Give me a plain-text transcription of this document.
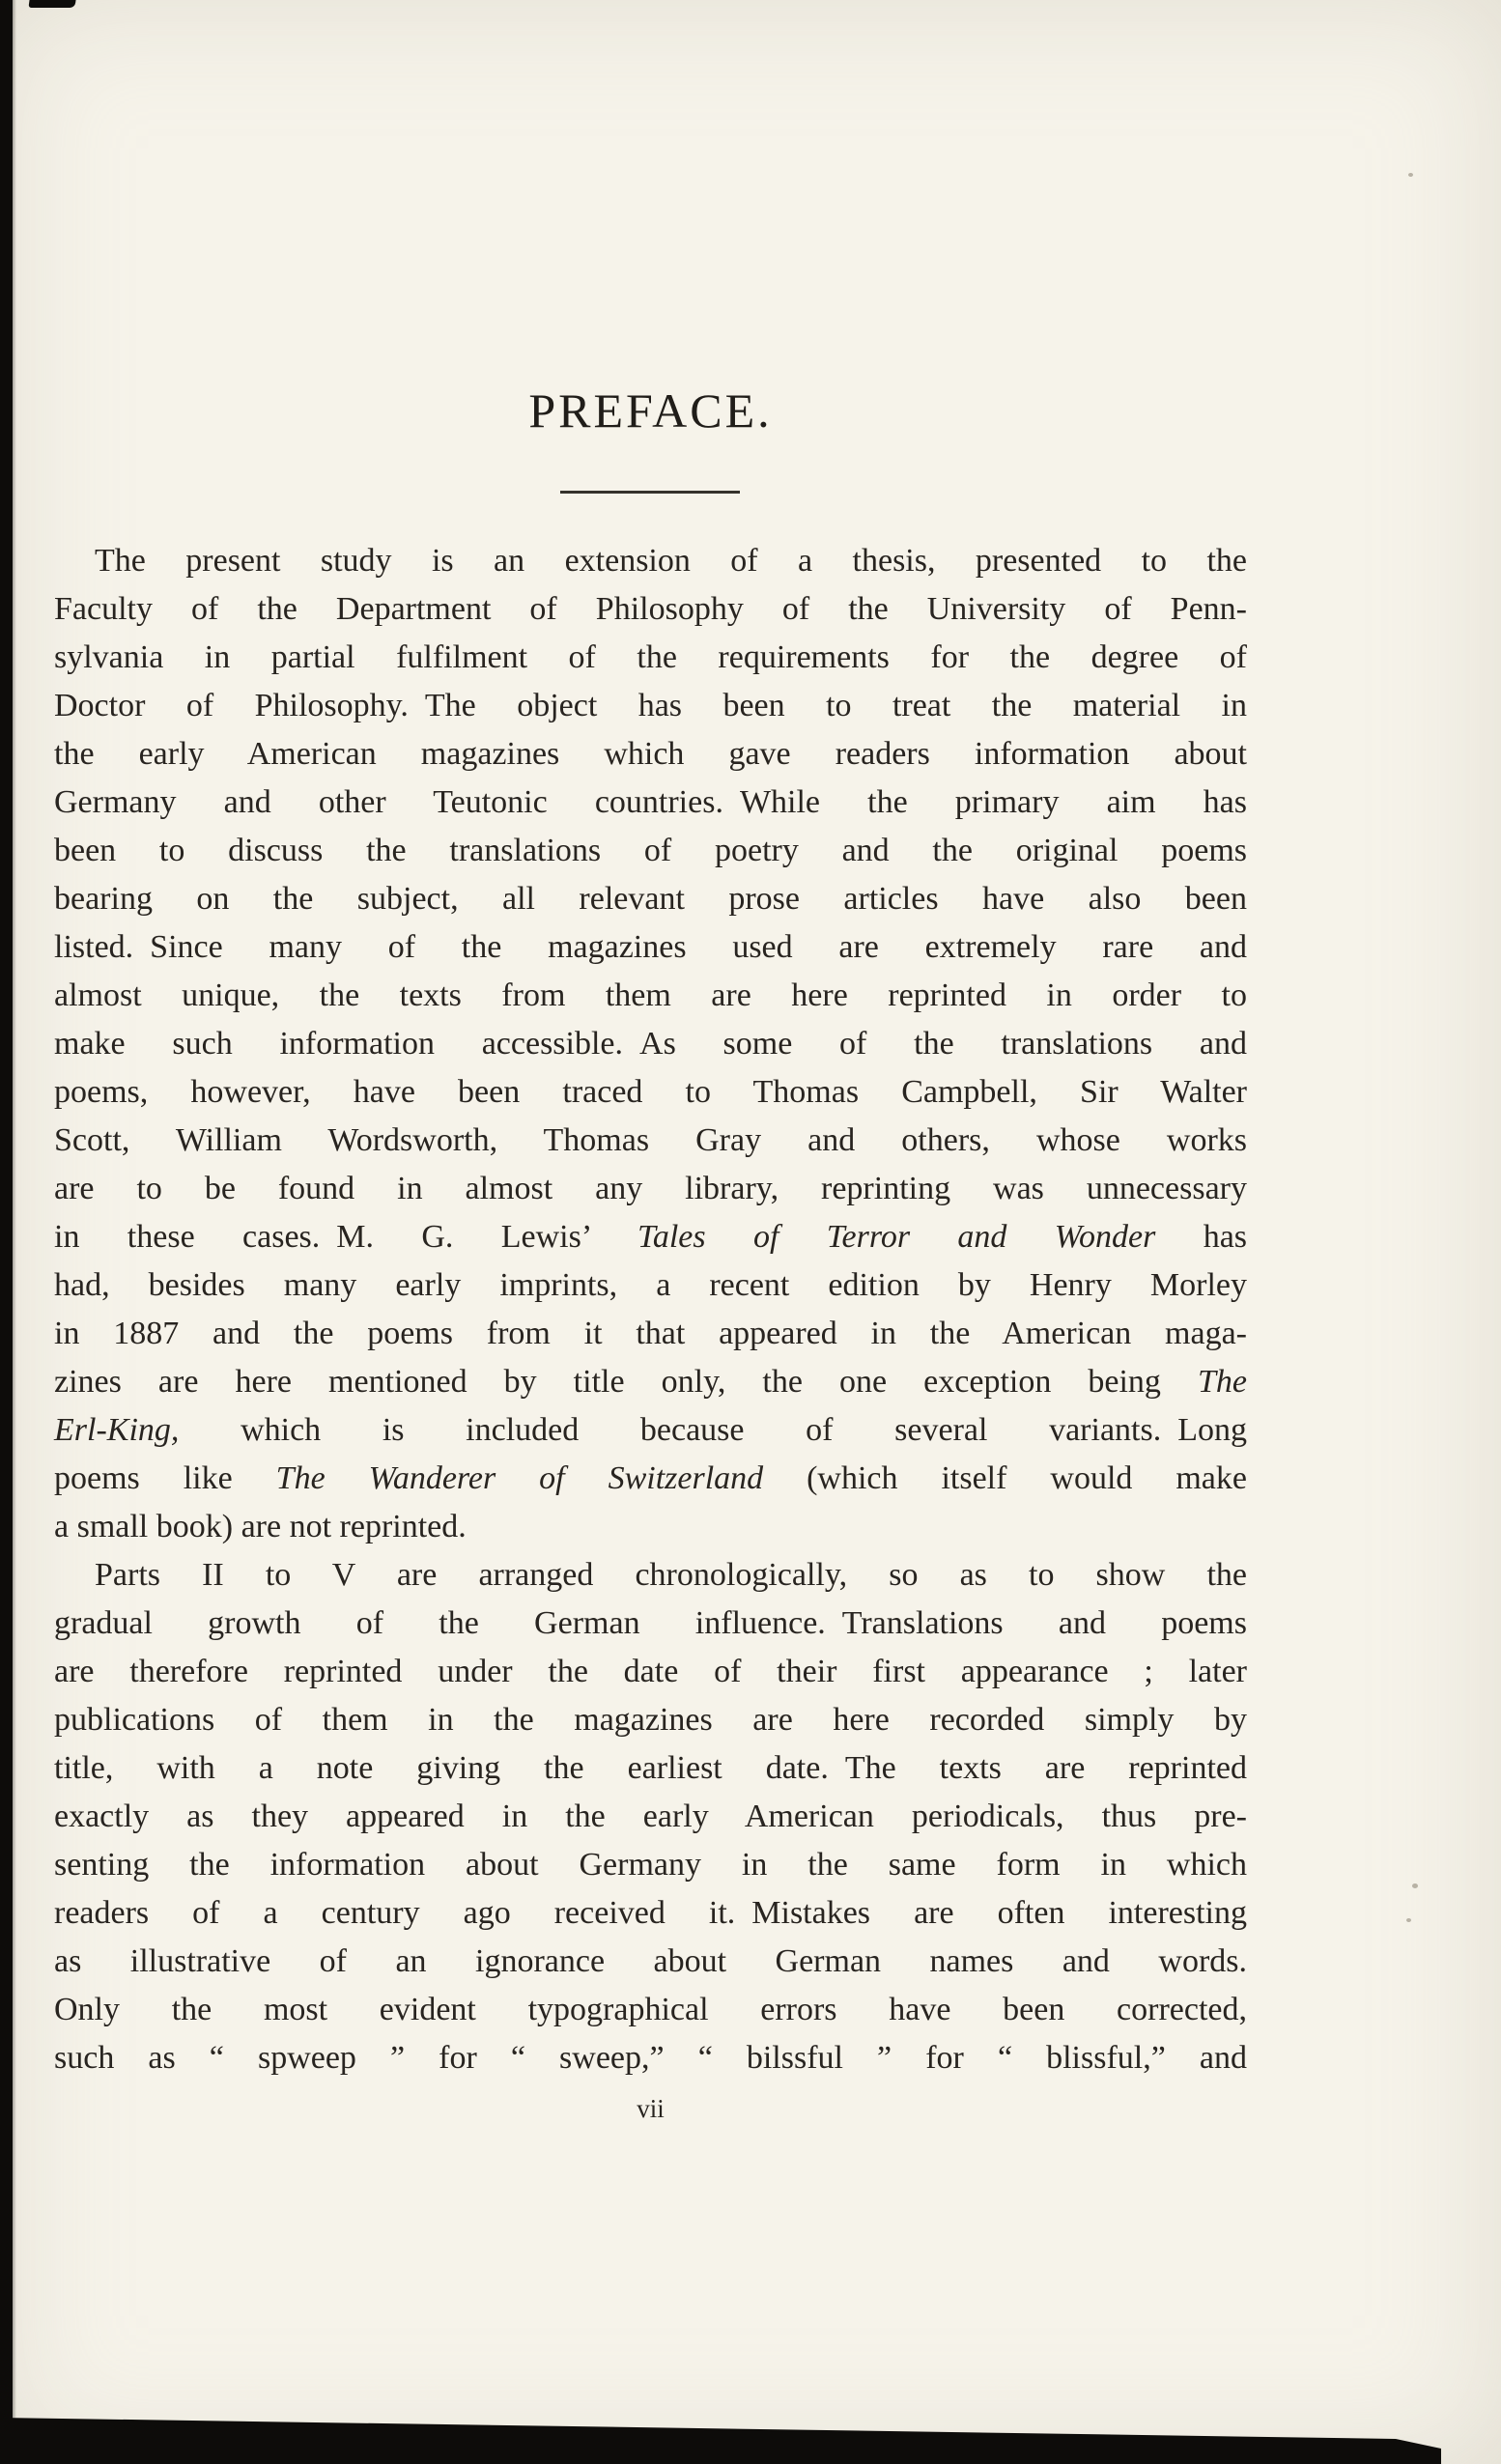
PREFACE.
The present study is an extension of a thesis, presented to the
Faculty of the Department of Philosophy of the University of Penn-
sylvania in partial fulfilment of the requirements for the degree of
Doctor of Philosophy. The object has been to treat the material in
the early American magazines which gave readers information about
Germany and other Teutonic countries. While the primary aim has
been to discuss the translations of poetry and the original poems
bearing on the subject, all relevant prose articles have also been
listed. Since many of the magazines used are extremely rare and
almost unique, the texts from them are here reprinted in order to
make such information accessible. As some of the translations and
poems, however, have been traced to Thomas Campbell, Sir Walter
Scott, William Wordsworth, Thomas Gray and others, whose works
are to be found in almost any library, reprinting was unnecessary
in these cases. M. G. Lewis’ Tales of Terror and Wonder has
had, besides many early imprints, a recent edition by Henry Morley
in 1887 and the poems from it that appeared in the American maga-
zines are here mentioned by title only, the one exception being The
Erl-King, which is included because of several variants. Long
poems like The Wanderer of Switzerland (which itself would make
a small book) are not reprinted.
Parts II to V are arranged chronologically, so as to show the
gradual growth of the German influence. Translations and poems
are therefore reprinted under the date of their first appearance ; later
publications of them in the magazines are here recorded simply by
title, with a note giving the earliest date. The texts are reprinted
exactly as they appeared in the early American periodicals, thus pre-
senting the information about Germany in the same form in which
readers of a century ago received it. Mistakes are often interesting
as illustrative of an ignorance about German names and words.
Only the most evident typographical errors have been corrected,
such as “ spweep ” for “ sweep,” “ bilssful ” for “ blissful,” and
vii
